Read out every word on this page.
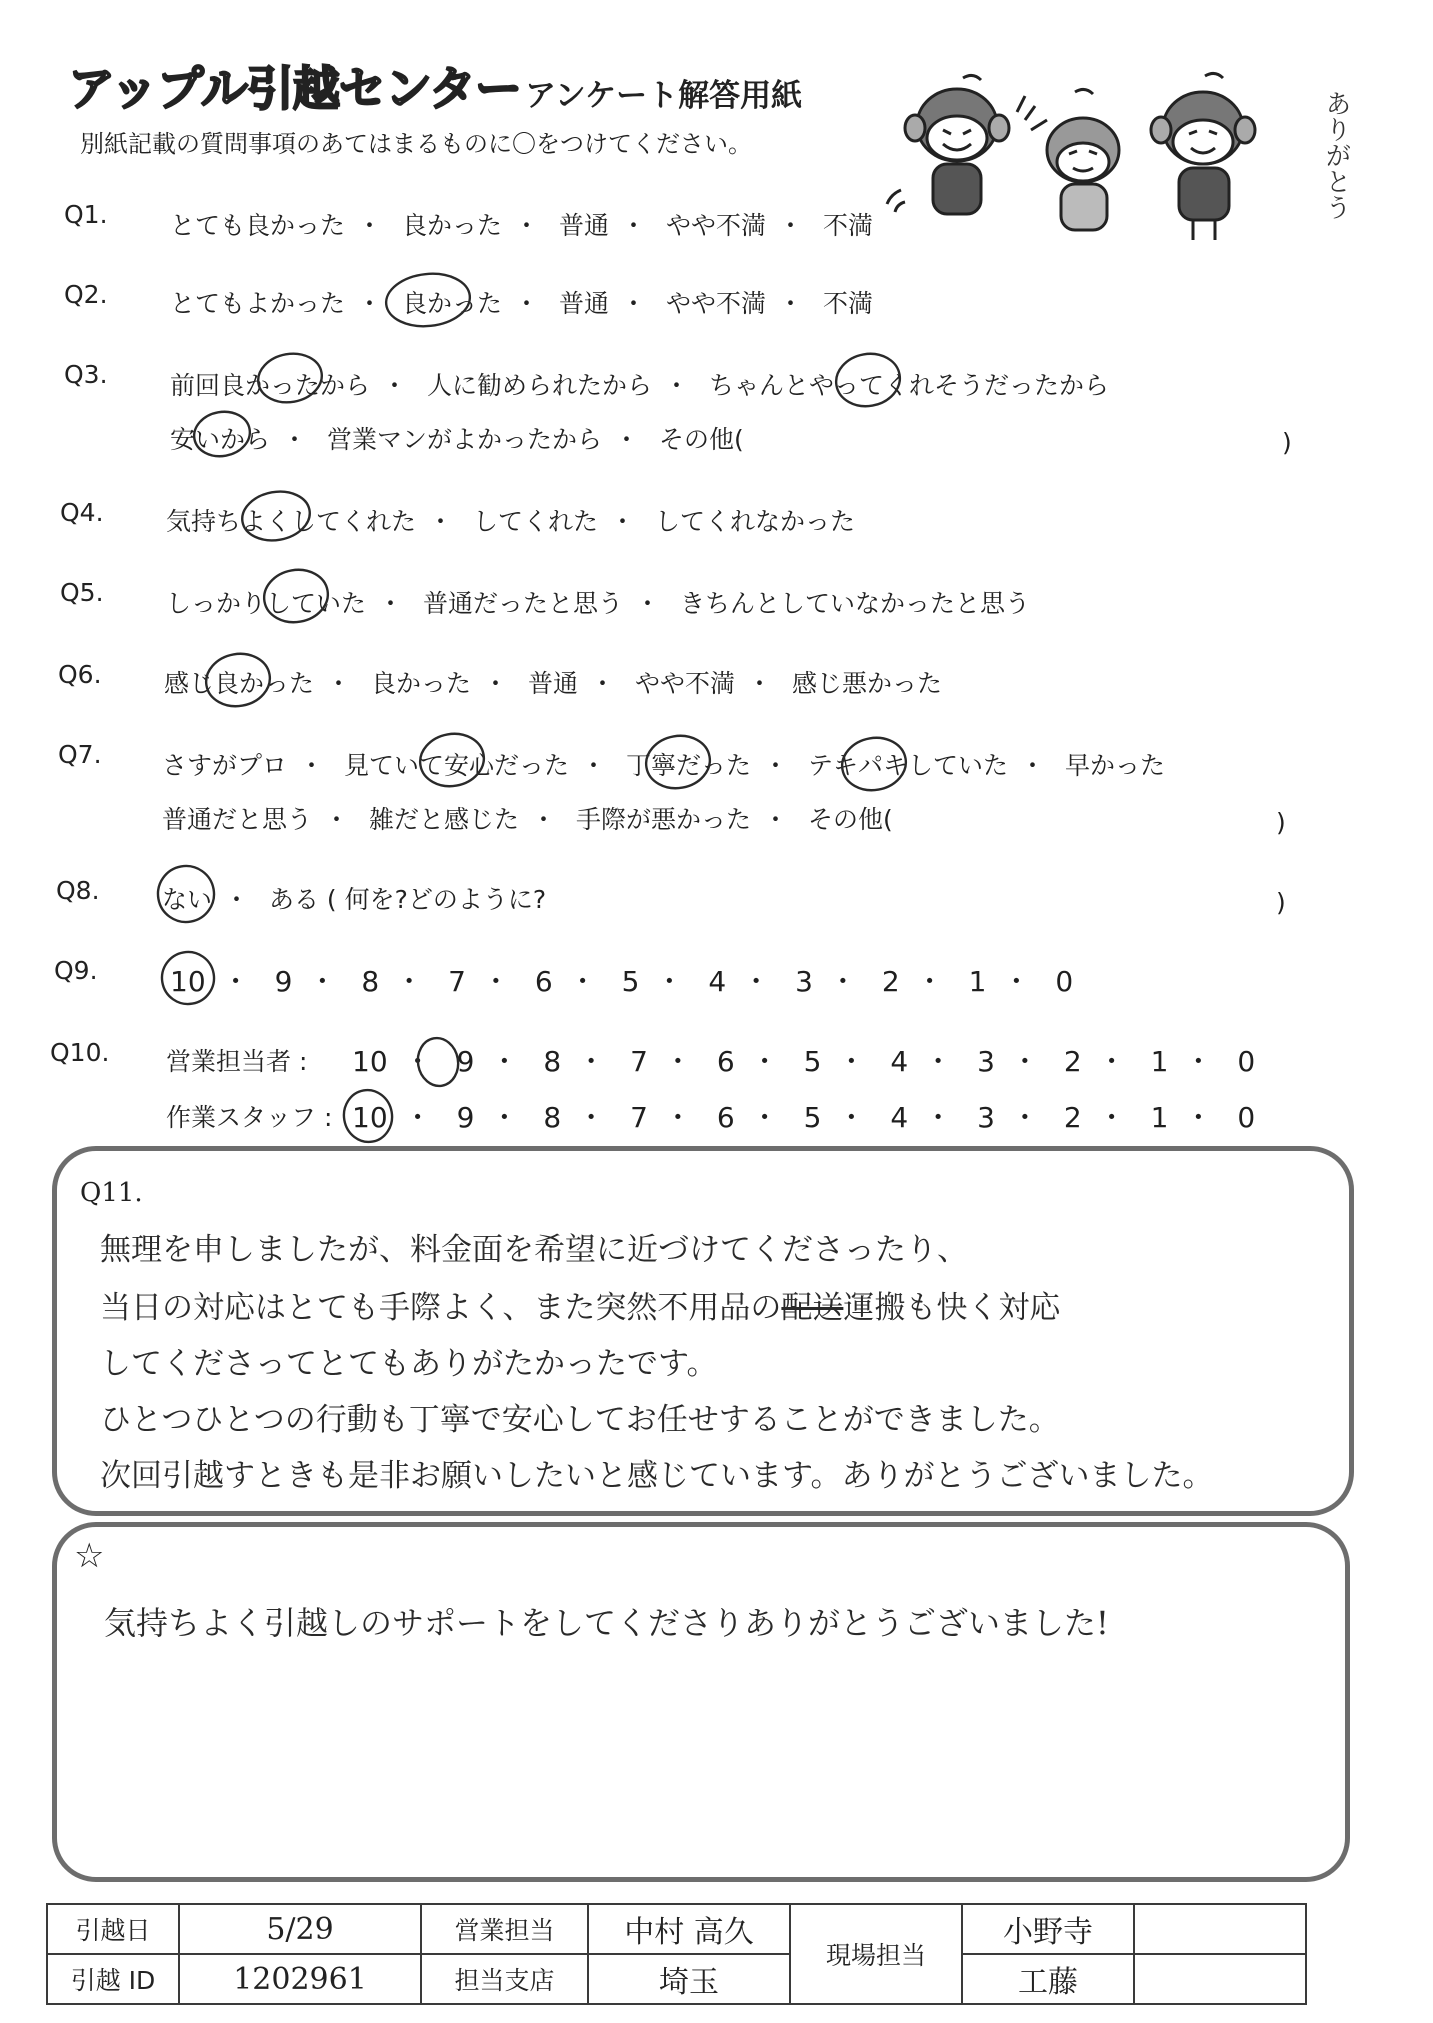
アップル引越センター アンケート解答用紙
別紙記載の質問事項のあてはまるものに〇をつけてください。	ありがとう
Q1. とても良かった ・ 良かった ・ 普通 ・ やや不満 ・ 不満
Q2. とてもよかった ・ 良かった ・ 普通 ・ やや不満 ・ 不満
Q3. 前回良かったから ・ 人に勧められたから ・ ちゃんとやってくれそうだったから
安いから ・ 営業マンがよかったから ・ その他(	)
Q4. 気持ちよくしてくれた ・ してくれた ・ してくれなかった
Q5. しっかりしていた ・ 普通だったと思う ・ きちんとしていなかったと思う
Q6. 感じ良かった ・ 良かった ・ 普通 ・ やや不満 ・ 感じ悪かった
Q7. さすがプロ ・ 見ていて安心だった ・ 丁寧だった ・ テキパキしていた ・ 早かった
普通だと思う ・ 雑だと感じた ・ 手際が悪かった ・ その他(	)
Q8. ない ・ ある ( 何を?どのように?	)
Q9.	10 ・ 9 ・ 8 ・ 7 ・ 6 ・ 5 ・ 4 ・ 3 ・ 2 ・ 1 ・ 0
Q10. 営業担当者 : 10 ・ 9 ・ 8 ・ 7 ・ 6 ・ 5 ・ 4 ・ 3 ・ 2 ・ 1 ・ 0
作業スタッフ : 10 ・ 9 ・ 8 ・ 7 ・ 6 ・ 5 ・ 4 ・ 3 ・ 2 ・ 1 ・ 0
Q11.
無理を申しましたが、料金面を希望に近づけてくださったり、
当日の対応はとても手際よく、また突然不用品の配送運搬も快く対応
してくださってとてもありがたかったです。
ひとつひとつの行動も丁寧で安心してお任せすることができました。
次回引越すときも是非お願いしたいと感じています。ありがとうございました。
☆
気持ちよく引越しのサポートをしてくださりありがとうございました!
引越日	5/29	営業担当	中村 高久	現場担当	小野寺	
引越 ID	1202961	担当支店	埼玉		工藤	
